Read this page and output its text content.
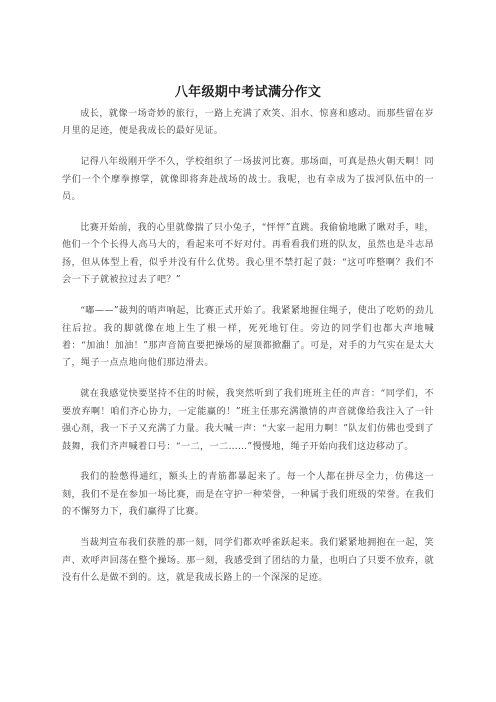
八年级期中考试满分作文

成长，就像一场奇妙的旅行，一路上充满了欢笑、泪水、惊喜和感动。而那些留在岁月里的足迹，便是我成长的最好见证。

记得八年级刚开学不久，学校组织了一场拔河比赛。那场面，可真是热火朝天啊！同学们一个个摩拳擦掌，就像即将奔赴战场的战士。我呢，也有幸成为了拔河队伍中的一员。

比赛开始前，我的心里就像揣了只小兔子，“怦怦”直跳。我偷偷地瞅了瞅对手，哇，他们一个个长得人高马大的，看起来可不好对付。再看看我们班的队友，虽然也是斗志昂扬，但从体型上看，似乎并没有什么优势。我心里不禁打起了鼓：“这可咋整啊？我们不会一下子就被拉过去了吧？”

“嘟——”裁判的哨声响起，比赛正式开始了。我紧紧地握住绳子，使出了吃奶的劲儿往后拉。我的脚就像在地上生了根一样，死死地钉住。旁边的同学们也都大声地喊着：“加油！加油！”那声音简直要把操场的屋顶都掀翻了。可是，对手的力气实在是太大了，绳子一点点地向他们那边滑去。

就在我感觉快要坚持不住的时候，我突然听到了我们班班主任的声音：“同学们，不要放弃啊！咱们齐心协力，一定能赢的！”班主任那充满激情的声音就像给我注入了一针强心剂，我一下子又充满了力量。我大喊一声：“大家一起用力啊！”队友们仿佛也受到了鼓舞，我们齐声喊着口号：“一二，一二……”慢慢地，绳子开始向我们这边移动了。

我们的脸憋得通红，额头上的青筋都暴起来了。每一个人都在拼尽全力，仿佛这一刻，我们不是在参加一场比赛，而是在守护一种荣誉，一种属于我们班级的荣誉。在我们的不懈努力下，我们赢得了比赛。

当裁判宣布我们获胜的那一刻，同学们都欢呼雀跃起来。我们紧紧地拥抱在一起，笑声、欢呼声回荡在整个操场。那一刻，我感受到了团结的力量，也明白了只要不放弃，就没有什么是做不到的。这，就是我成长路上的一个深深的足迹。
